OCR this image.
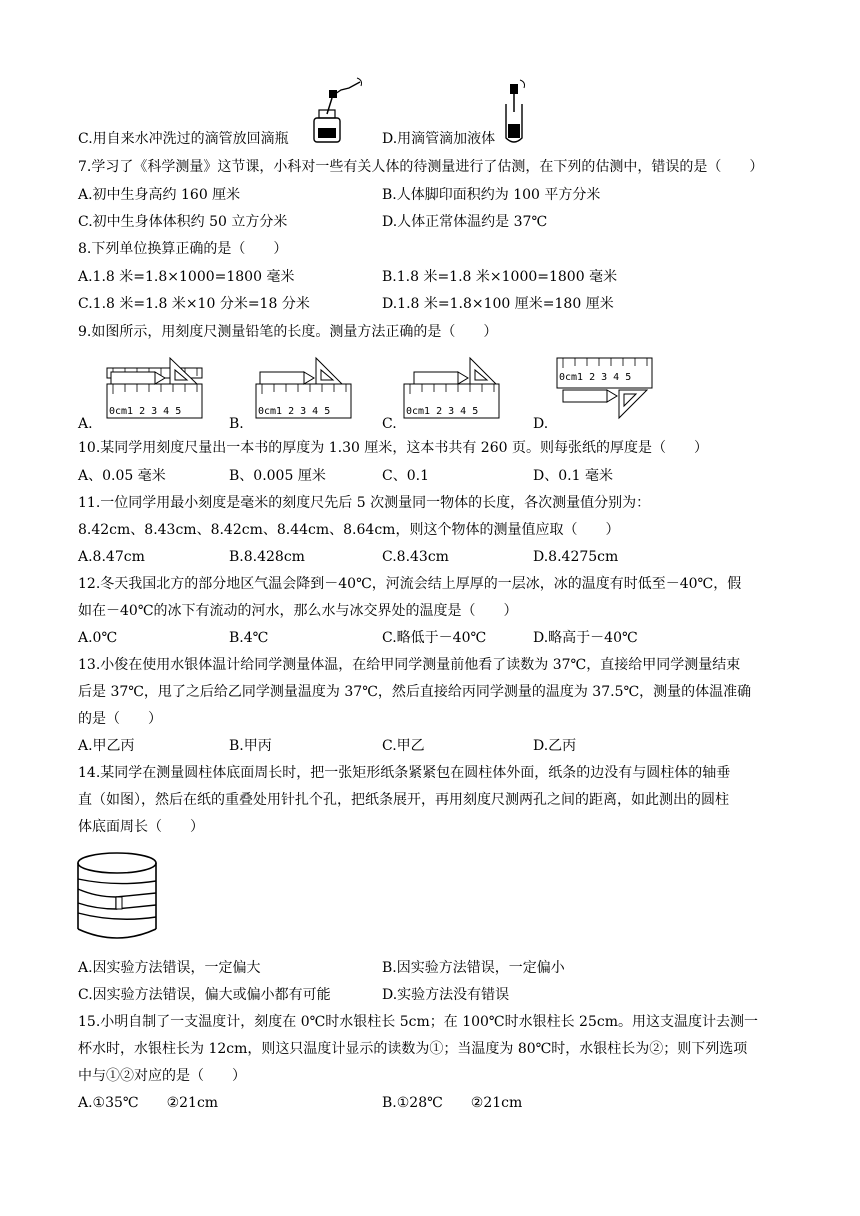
C.用自来水冲洗过的滴管放回滴瓶	D.用滴管滴加液体
7.学习了《科学测量》这节课，小科对一些有关人体的待测量进行了估测，在下列的估测中，错误的是（　　）
A.初中生身高约 160 厘米	B.人体脚印面积约为 100 平方分米
C.初中生身体体积约 50 立方分米	D.人体正常体温约是 37℃
8.下列单位换算正确的是（　　）
A.1.8 米=1.8×1000=1800 毫米	B.1.8 米=1.8 米×1000=1800 毫米
C.1.8 米=1.8 米×10 分米=18 分米	D.1.8 米=1.8×100 厘米=180 厘米
9.如图所示，用刻度尺测量铅笔的长度。测量方法正确的是（　　）
A.
0cm1 2 3 4 5
B.
0cm1 2 3 4 5
C.
0cm1 2 3 4 5
D.
0cm1 2 3 4 5
10.某同学用刻度尺量出一本书的厚度为 1.30 厘米，这本书共有 260 页。则每张纸的厚度是（　　）
A、0.05 毫米	B、0.005 厘米	C、0.1	D、0.1 毫米
11.一位同学用最小刻度是毫米的刻度尺先后 5 次测量同一物体的长度，各次测量值分别为：
8.42cm、8.43cm、8.42cm、8.44cm、8.64cm，则这个物体的测量值应取（　　）
A.8.47cm	B.8.428cm	C.8.43cm	D.8.4275cm
12.冬天我国北方的部分地区气温会降到－40℃，河流会结上厚厚的一层冰，冰的温度有时低至－40℃，假
如在－40℃的冰下有流动的河水，那么水与冰交界处的温度是（　　）
A.0℃	B.4℃	C.略低于－40℃	D.略高于－40℃
13.小俊在使用水银体温计给同学测量体温，在给甲同学测量前他看了读数为 37℃，直接给甲同学测量结束
后是 37℃，甩了之后给乙同学测量温度为 37℃，然后直接给丙同学测量的温度为 37.5℃，测量的体温准确
的是（　　）
A.甲乙丙	B.甲丙	C.甲乙	D.乙丙
14.某同学在测量圆柱体底面周长时，把一张矩形纸条紧紧包在圆柱体外面，纸条的边没有与圆柱体的轴垂
直（如图），然后在纸的重叠处用针扎个孔，把纸条展开，再用刻度尺测两孔之间的距离，如此测出的圆柱
体底面周长（　　）
A.因实验方法错误，一定偏大	B.因实验方法错误，一定偏小
C.因实验方法错误，偏大或偏小都有可能	D.实验方法没有错误
15.小明自制了一支温度计，刻度在 0℃时水银柱长 5cm；在 100℃时水银柱长 25cm。用这支温度计去测一
杯水时，水银柱长为 12cm，则这只温度计显示的读数为①；当温度为 80℃时，水银柱长为②；则下列选项
中与①②对应的是（　　）
A.①35℃　　②21cm	B.①28℃　　②21cm
